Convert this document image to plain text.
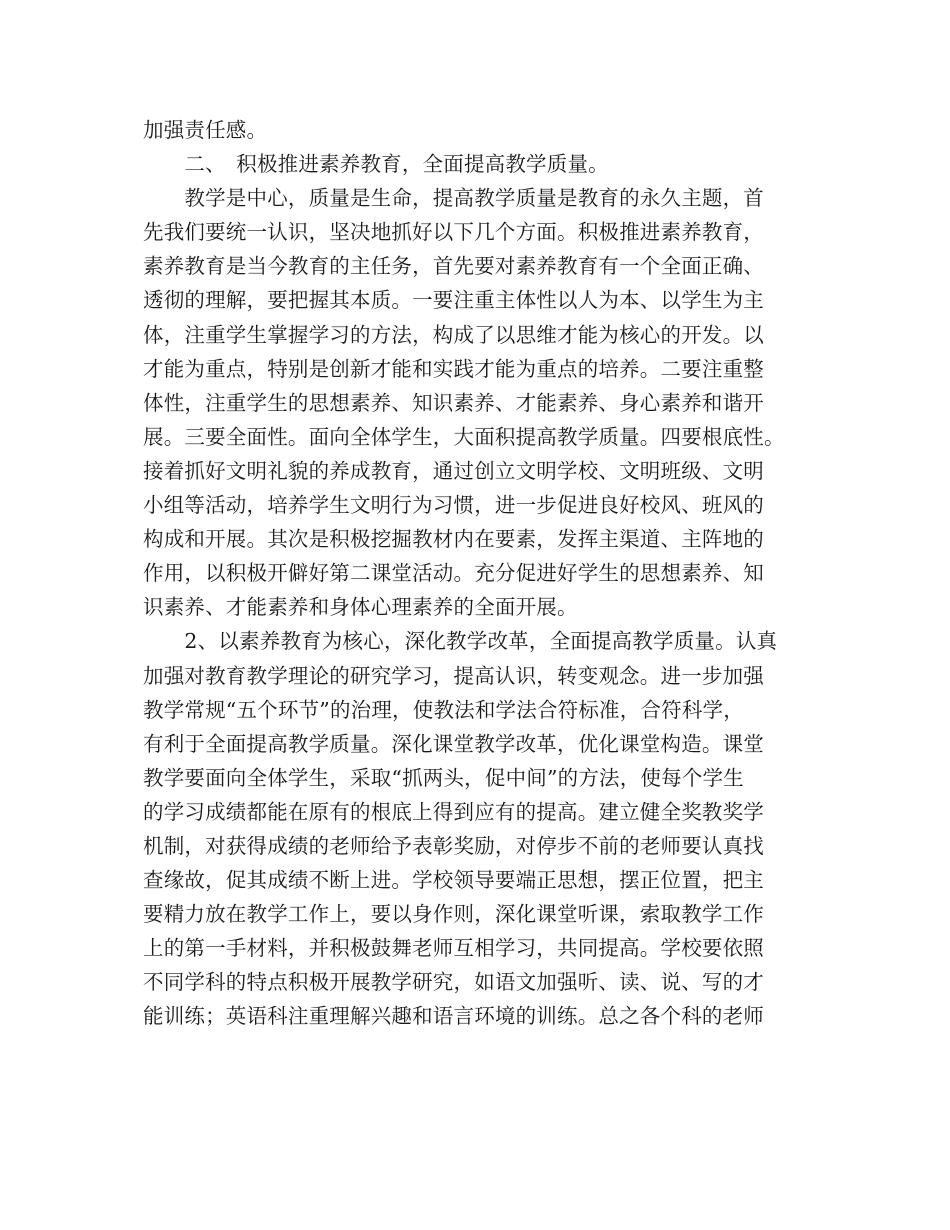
加强责任感。
　　二、　积极推进素养教育，全面提高教学质量。
　　教学是中心，质量是生命，提高教学质量是教育的永久主题，首
先我们要统一认识，坚决地抓好以下几个方面。积极推进素养教育，
素养教育是当今教育的主任务，首先要对素养教育有一个全面正确、
透彻的理解，要把握其本质。一要注重主体性以人为本、以学生为主
体，注重学生掌握学习的方法，构成了以思维才能为核心的开发。以
才能为重点，特别是创新才能和实践才能为重点的培养。二要注重整
体性，注重学生的思想素养、知识素养、才能素养、身心素养和谐开
展。三要全面性。面向全体学生，大面积提高教学质量。四要根底性。
接着抓好文明礼貌的养成教育，通过创立文明学校、文明班级、文明
小组等活动，培养学生文明行为习惯，进一步促进良好校风、班风的
构成和开展。其次是积极挖掘教材内在要素，发挥主渠道、主阵地的
作用，以积极开僻好第二课堂活动。充分促进好学生的思想素养、知
识素养、才能素养和身体心理素养的全面开展。
　　2、以素养教育为核心，深化教学改革，全面提高教学质量。认真
加强对教育教学理论的研究学习，提高认识，转变观念。进一步加强
教学常规“五个环节”的治理，使教法和学法合符标准，合符科学，
有利于全面提高教学质量。深化课堂教学改革，优化课堂构造。课堂
教学要面向全体学生，采取“抓两头，促中间”的方法，使每个学生
的学习成绩都能在原有的根底上得到应有的提高。建立健全奖教奖学
机制，对获得成绩的老师给予表彰奖励，对停步不前的老师要认真找
查缘故，促其成绩不断上进。学校领导要端正思想，摆正位置，把主
要精力放在教学工作上，要以身作则，深化课堂听课，索取教学工作
上的第一手材料，并积极鼓舞老师互相学习，共同提高。学校要依照
不同学科的特点积极开展教学研究，如语文加强听、读、说、写的才
能训练；英语科注重理解兴趣和语言环境的训练。总之各个科的老师
